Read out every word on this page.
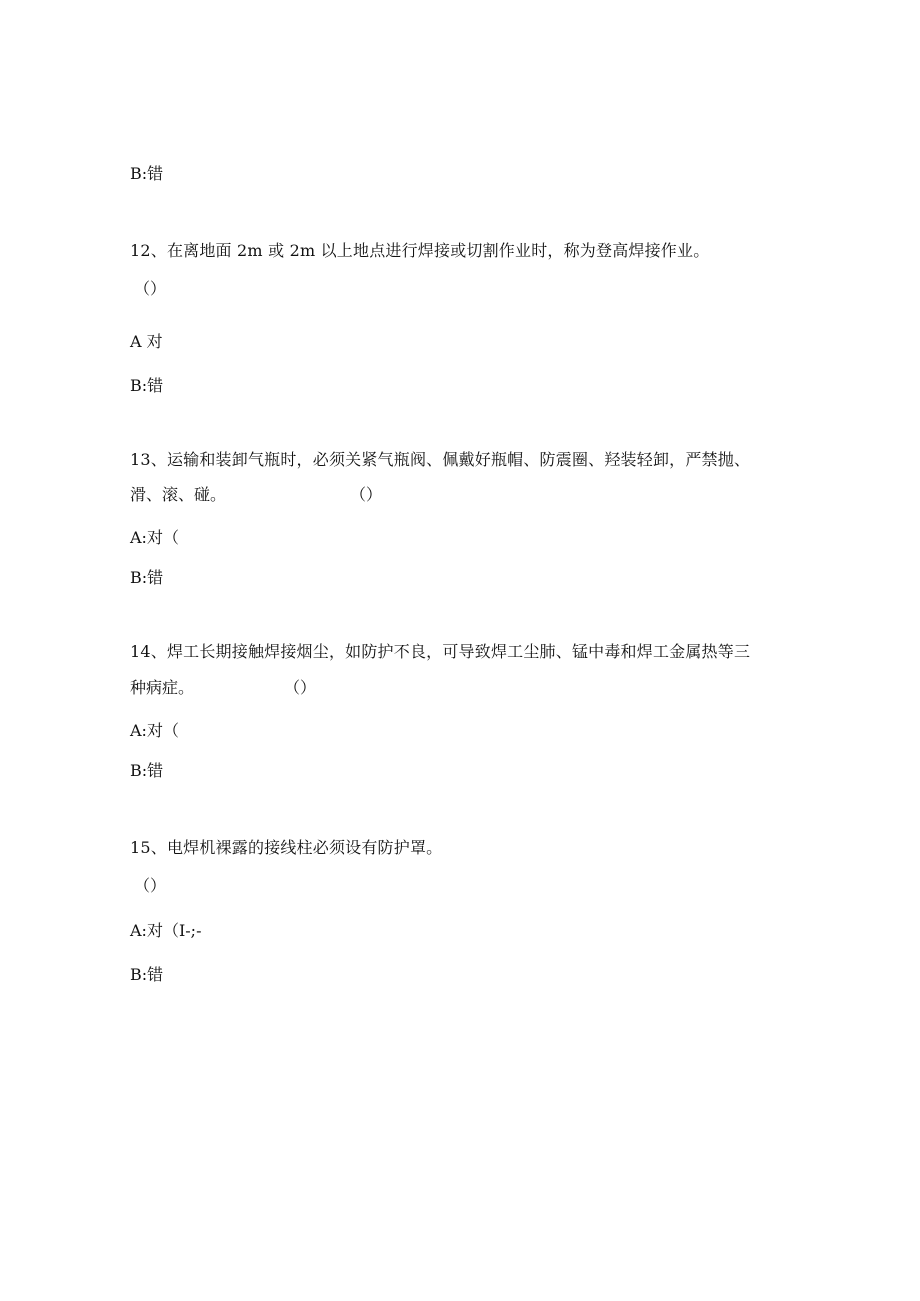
B:错
12、在离地面 2m 或 2m 以上地点进行焊接或切割作业时，称为登高焊接作业。
（）
A 对
B:错
13、运输和装卸气瓶时，必须关紧气瓶阀、佩戴好瓶帽、防震圈、羟装轻卸，严禁抛、
滑、滚、碰。	（）
A:对（
B:错
14、焊工长期接触焊接烟尘，如防护不良，可导致焊工尘肺、锰中毒和焊工金属热等三
种病症。	（）
A:对（
B:错
15、电焊机裸露的接线柱必须设有防护罩。
（）
A:对（I-;-
B:错
